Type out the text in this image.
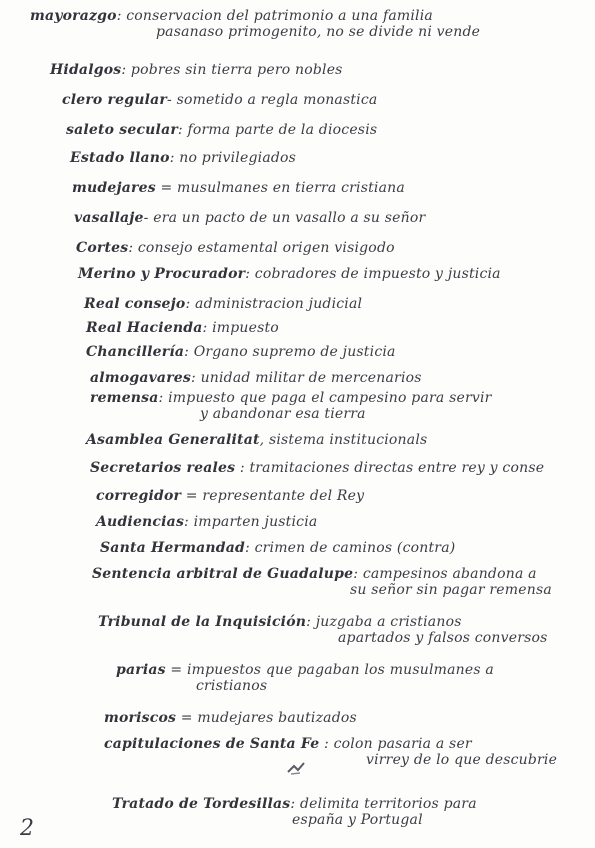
mayorazgo: conservacion del patrimonio a una familia
pasanaso primogenito, no se divide ni vende
Hidalgos: pobres sin tierra pero nobles
clero regular- sometido a regla monastica
saleto secular: forma parte de la diocesis
Estado llano: no privilegiados
mudejares = musulmanes en tierra cristiana
vasallaje- era un pacto de un vasallo a su señor
Cortes: consejo estamental origen visigodo
Merino y Procurador: cobradores de impuesto y justicia
Real consejo: administracion judicial
Real Hacienda: impuesto
Chancillería: Organo supremo de justicia
almogavares: unidad militar de mercenarios
remensa: impuesto que paga el campesino para servir
y abandonar esa tierra
Asamblea Generalitat, sistema institucionals
Secretarios reales : tramitaciones directas entre rey y conse
corregidor = representante del Rey
Audiencias: imparten justicia
Santa Hermandad: crimen de caminos (contra)
Sentencia arbitral de Guadalupe: campesinos abandona a
su señor sin pagar remensa
Tribunal de la Inquisición: juzgaba a cristianos
apartados y falsos conversos
parias = impuestos que pagaban los musulmanes a
cristianos
moriscos = mudejares bautizados
capitulaciones de Santa Fe : colon pasaria a ser
virrey de lo que descubrie
Tratado de Tordesillas: delimita territorios para
españa y Portugal
2
